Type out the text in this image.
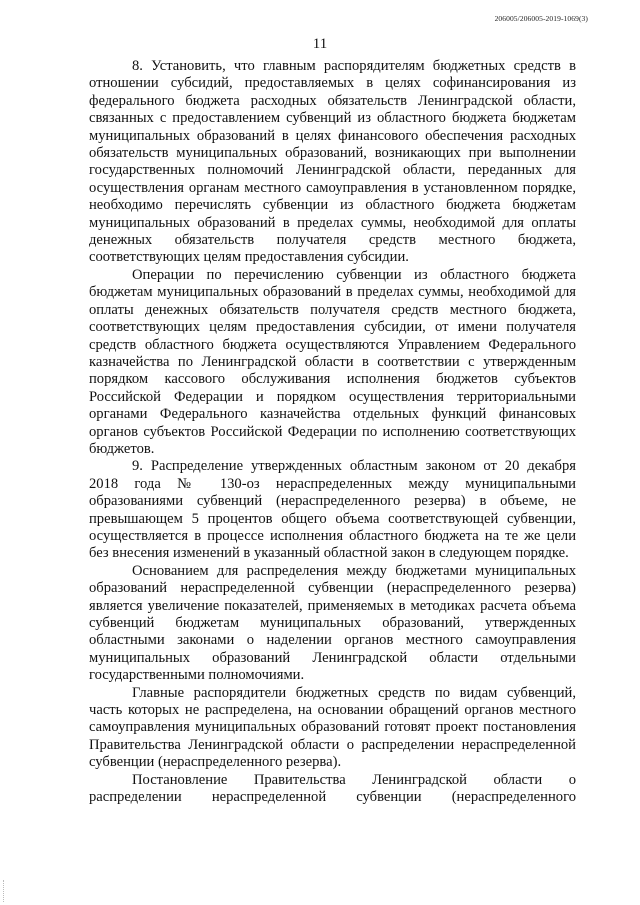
206005/206005-2019-1069(3)
11

8. Установить, что главным распорядителям бюджетных средств в отношении субсидий, предоставляемых в целях софинансирования из федерального бюджета расходных обязательств Ленинградской области, связанных с предоставлением субвенций из областного бюджета бюджетам муниципальных образований в целях финансового обеспечения расходных обязательств муниципальных образований, возникающих при выполнении государственных полномочий Ленинградской области, переданных для осуществления органам местного самоуправления в установленном порядке, необходимо перечислять субвенции из областного бюджета бюджетам муниципальных образований в пределах суммы, необходимой для оплаты денежных обязательств получателя средств местного бюджета, соответствующих целям предоставления субсидии.

Операции по перечислению субвенции из областного бюджета бюджетам муниципальных образований в пределах суммы, необходимой для оплаты денежных обязательств получателя средств местного бюджета, соответствующих целям предоставления субсидии, от имени получателя средств областного бюджета осуществляются Управлением Федерального казначейства по Ленинградской области в соответствии с утвержденным порядком кассового обслуживания исполнения бюджетов субъектов Российской Федерации и порядком осуществления территориальными органами Федерального казначейства отдельных функций финансовых органов субъектов Российской Федерации по исполнению соответствующих бюджетов.

9. Распределение утвержденных областным законом от 20 декабря 2018 года № 130-оз нераспределенных между муниципальными образованиями субвенций (нераспределенного резерва) в объеме, не превышающем 5 процентов общего объема соответствующей субвенции, осуществляется в процессе исполнения областного бюджета на те же цели без внесения изменений в указанный областной закон в следующем порядке.

Основанием для распределения между бюджетами муниципальных образований нераспределенной субвенции (нераспределенного резерва) является увеличение показателей, применяемых в методиках расчета объема субвенций бюджетам муниципальных образований, утвержденных областными законами о наделении органов местного самоуправления муниципальных образований Ленинградской области отдельными государственными полномочиями.

Главные распорядители бюджетных средств по видам субвенций, часть которых не распределена, на основании обращений органов местного самоуправления муниципальных образований готовят проект постановления Правительства Ленинградской области о распределении нераспределенной субвенции (нераспределенного резерва).

Постановление Правительства Ленинградской области о распределении нераспределенной субвенции (нераспределенного
